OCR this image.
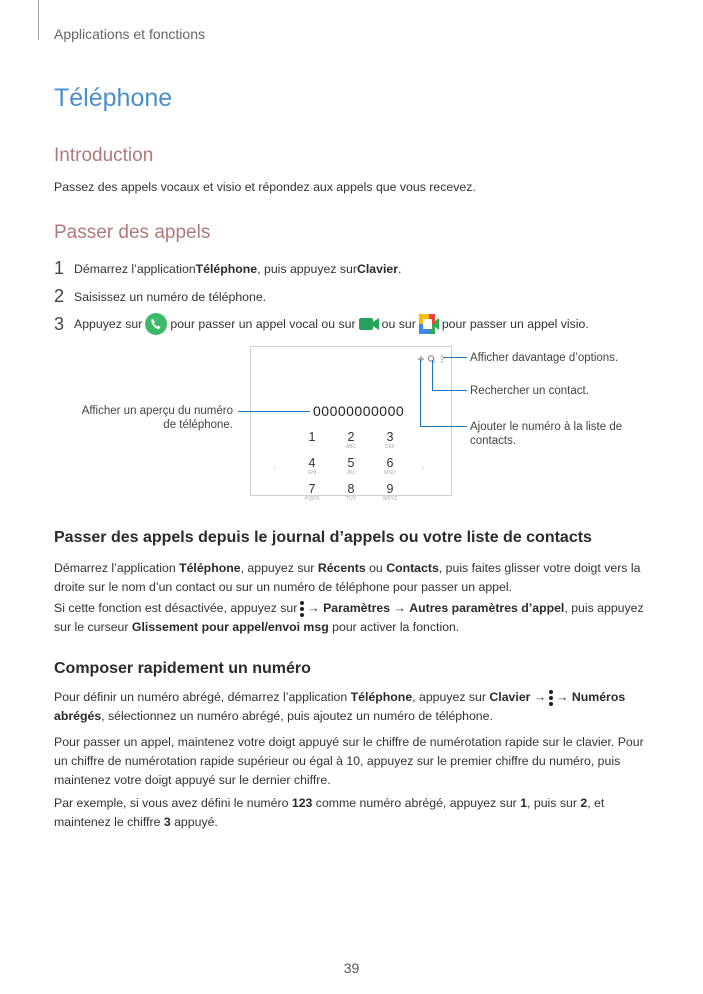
Applications et fonctions
Téléphone
Introduction
Passez des appels vocaux et visio et répondez aux appels que vous recevez.
Passer des appels
1 Démarrez l’application Téléphone , puis appuyez sur Clavier .
2 Saisissez un numéro de téléphone.
3 Appuyez sur pour passer un appel vocal ou sur ou sur pour passer un appel visio.
00000000000
‹	›
1	2
ABC
3
DEF
4
GHI
5
JKL
6
MNO
7
PQRS
8
TUV
9
WXYZ
Afficher davantage d’options.
Rechercher un contact.
Ajouter le numéro à la liste de
contacts.
Afficher un aperçu du numéro
de téléphone.
Passer des appels depuis le journal d’appels ou votre liste de contacts
Démarrez l’application Téléphone, appuyez sur Récents ou Contacts, puis faites glisser votre doigt vers la droite sur le nom d’un contact ou sur un numéro de téléphone pour passer un appel.
Si cette fonction est désactivée, appuyez sur → Paramètres → Autres paramètres d’appel, puis appuyez sur le curseur Glissement pour appel/envoi msg pour activer la fonction.
Composer rapidement un numéro
Pour définir un numéro abrégé, démarrez l’application Téléphone, appuyez sur Clavier → → Numéros abrégés, sélectionnez un numéro abrégé, puis ajoutez un numéro de téléphone.
Pour passer un appel, maintenez votre doigt appuyé sur le chiffre de numérotation rapide sur le clavier. Pour un chiffre de numérotation rapide supérieur ou égal à 10, appuyez sur le premier chiffre du numéro, puis maintenez votre doigt appuyé sur le dernier chiffre.
Par exemple, si vous avez défini le numéro 123 comme numéro abrégé, appuyez sur 1, puis sur 2, et maintenez le chiffre 3 appuyé.
39
